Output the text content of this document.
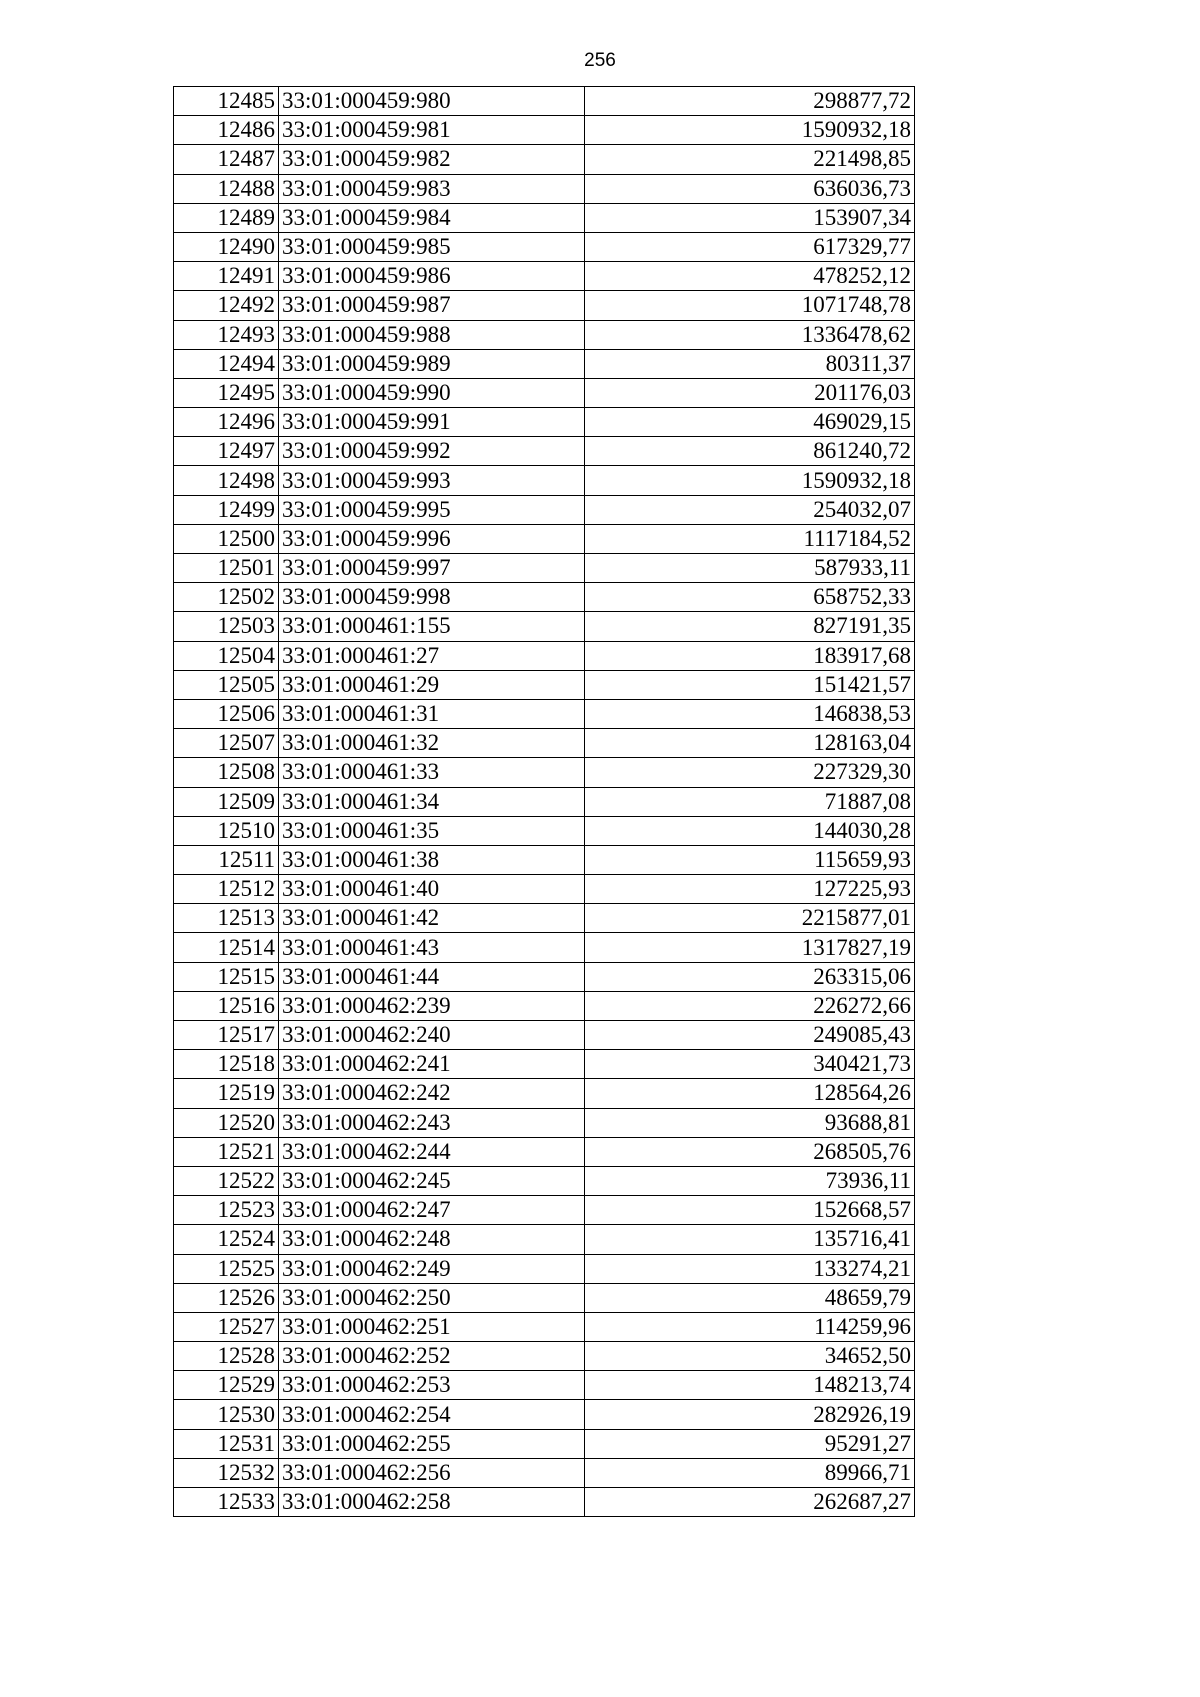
256
12485	33:01:000459:980	298877,72
12486	33:01:000459:981	1590932,18
12487	33:01:000459:982	221498,85
12488	33:01:000459:983	636036,73
12489	33:01:000459:984	153907,34
12490	33:01:000459:985	617329,77
12491	33:01:000459:986	478252,12
12492	33:01:000459:987	1071748,78
12493	33:01:000459:988	1336478,62
12494	33:01:000459:989	80311,37
12495	33:01:000459:990	201176,03
12496	33:01:000459:991	469029,15
12497	33:01:000459:992	861240,72
12498	33:01:000459:993	1590932,18
12499	33:01:000459:995	254032,07
12500	33:01:000459:996	1117184,52
12501	33:01:000459:997	587933,11
12502	33:01:000459:998	658752,33
12503	33:01:000461:155	827191,35
12504	33:01:000461:27	183917,68
12505	33:01:000461:29	151421,57
12506	33:01:000461:31	146838,53
12507	33:01:000461:32	128163,04
12508	33:01:000461:33	227329,30
12509	33:01:000461:34	71887,08
12510	33:01:000461:35	144030,28
12511	33:01:000461:38	115659,93
12512	33:01:000461:40	127225,93
12513	33:01:000461:42	2215877,01
12514	33:01:000461:43	1317827,19
12515	33:01:000461:44	263315,06
12516	33:01:000462:239	226272,66
12517	33:01:000462:240	249085,43
12518	33:01:000462:241	340421,73
12519	33:01:000462:242	128564,26
12520	33:01:000462:243	93688,81
12521	33:01:000462:244	268505,76
12522	33:01:000462:245	73936,11
12523	33:01:000462:247	152668,57
12524	33:01:000462:248	135716,41
12525	33:01:000462:249	133274,21
12526	33:01:000462:250	48659,79
12527	33:01:000462:251	114259,96
12528	33:01:000462:252	34652,50
12529	33:01:000462:253	148213,74
12530	33:01:000462:254	282926,19
12531	33:01:000462:255	95291,27
12532	33:01:000462:256	89966,71
12533	33:01:000462:258	262687,27
